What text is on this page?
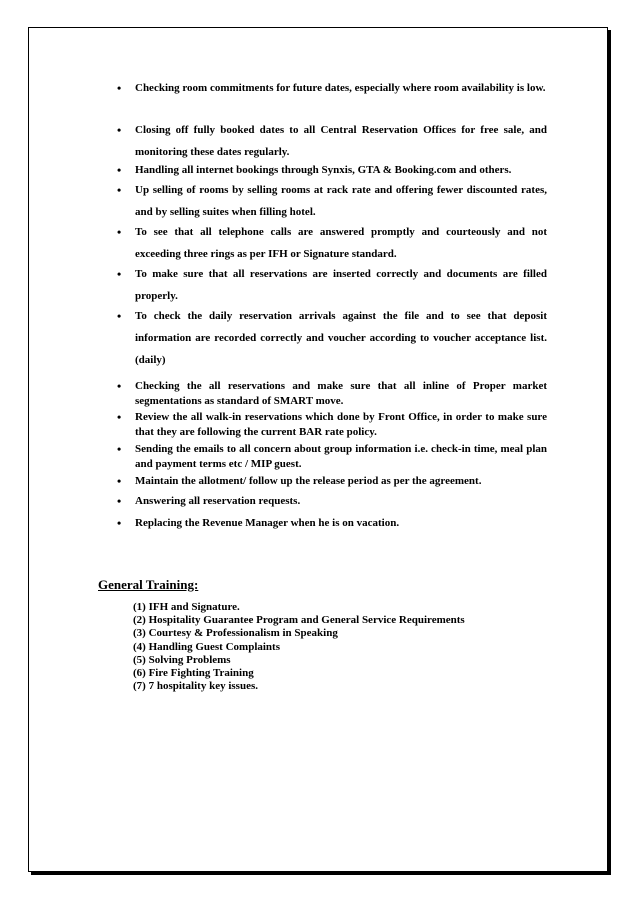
• Checking room commitments for future dates, especially where room availability is low.
• Closing off fully booked dates to all Central Reservation Offices for free sale, and monitoring these dates regularly.
• Handling all internet bookings through Synxis, GTA & Booking.com and others.
• Up selling of rooms by selling rooms at rack rate and offering fewer discounted rates, and by selling suites when filling hotel.
• To see that all telephone calls are answered promptly and courteously and not exceeding three rings as per IFH or Signature standard.
• To make sure that all reservations are inserted correctly and documents are filled properly.
• To check the daily reservation arrivals against the file and to see that deposit information are recorded correctly and voucher according to voucher acceptance list. (daily)
• Checking the all reservations and make sure that all inline of Proper market segmentations as standard of SMART move.
• Review the all walk-in reservations which done by Front Office, in order to make sure that they are following the current BAR rate policy.
• Sending the emails to all concern about group information i.e. check-in time, meal plan and payment terms etc / MIP guest.
• Maintain the allotment/ follow up the release period as per the agreement.
• Answering all reservation requests.
• Replacing the Revenue Manager when he is on vacation.
General Training:
(1) IFH and Signature.
(2) Hospitality Guarantee Program and General Service Requirements
(3) Courtesy & Professionalism in Speaking
(4) Handling Guest Complaints
(5) Solving Problems
(6) Fire Fighting Training
(7) 7 hospitality key issues.
